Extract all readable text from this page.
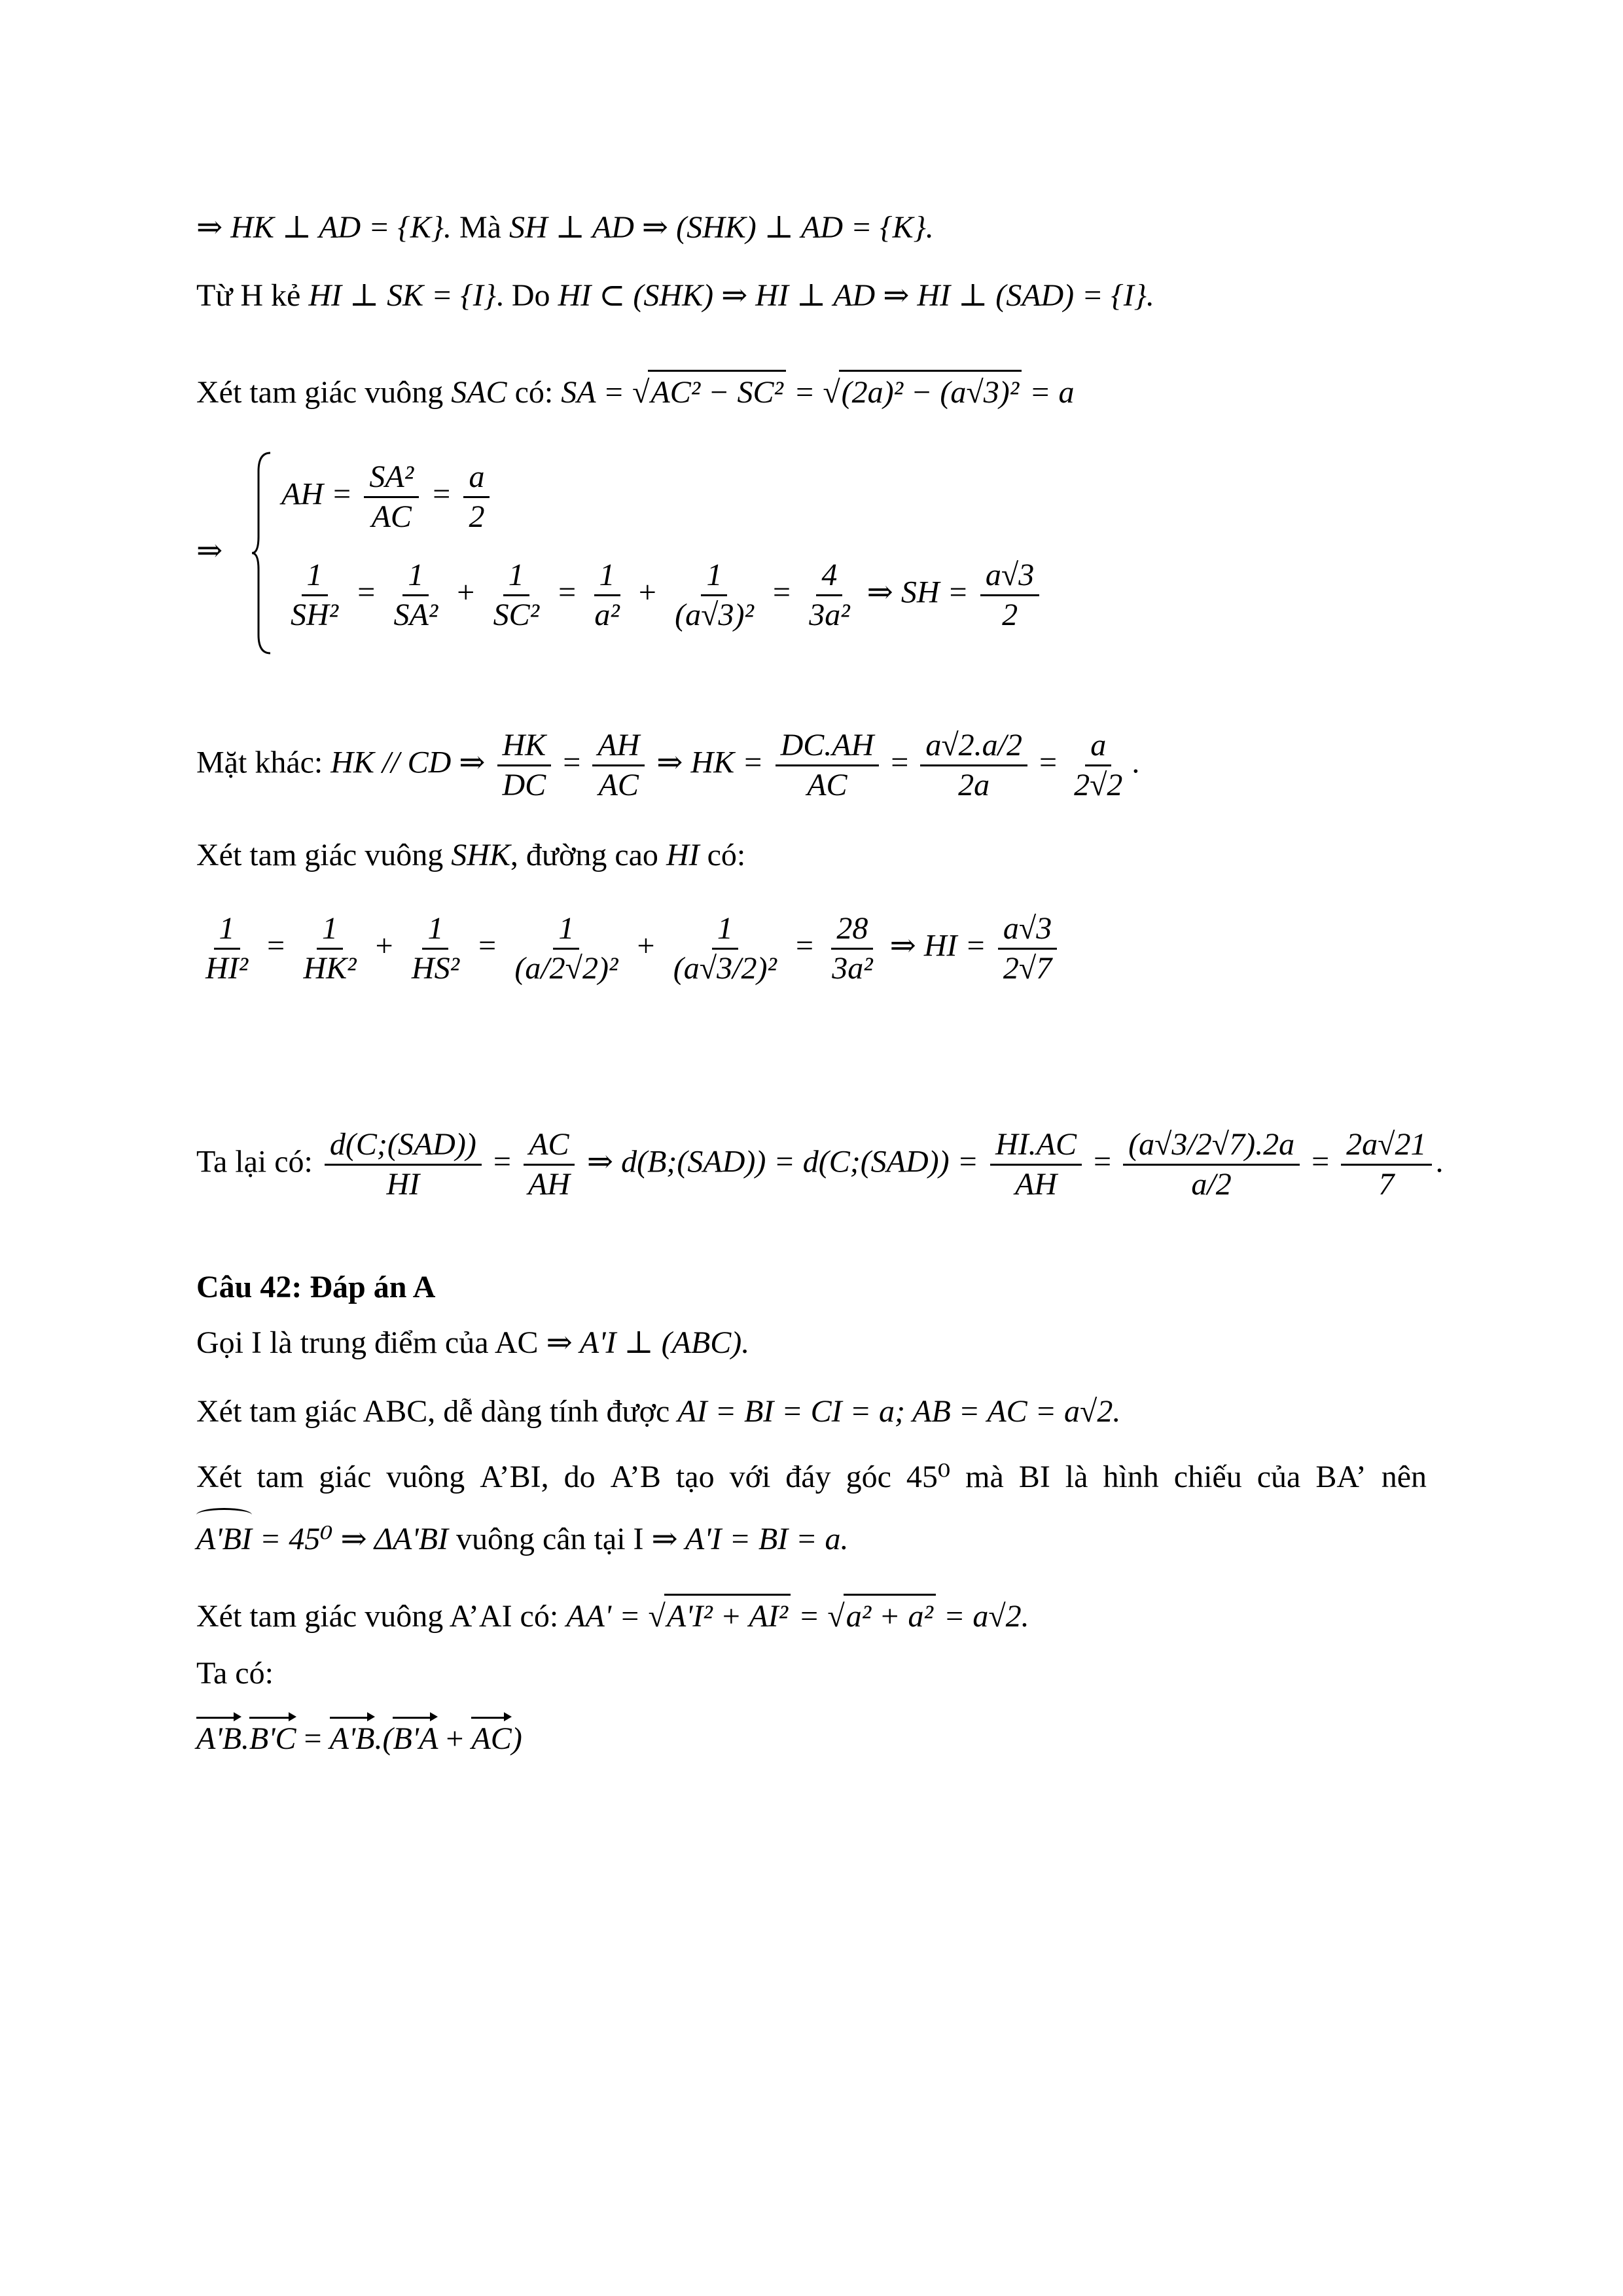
⇒ HK ⊥ AD = {K}. Mà SH ⊥ AD ⇒ (SHK) ⊥ AD = {K}.
Từ H kẻ HI ⊥ SK = {I}. Do HI ⊂ (SHK) ⇒ HI ⊥ AD ⇒ HI ⊥ (SAD) = {I}.
Xét tam giác vuông SAC có: SA = √AC² − SC² = √(2a)² − (a√3)² = a
⇒
AH = $\frac{\text{SA²}}{AC} = \frac{a}{2}$
$\frac{1}{\text{SH²}} = \frac{1}{\text{SA²}} + \frac{1}{\text{SC²}} = \frac{1}{\text{a²}} + \frac{1}{\text{(a√3)²}} = \frac{4}{\text{3a²}}$ ⇒ SH = $\frac{a√3}{2}$
Mặt khác: HK // CD ⇒ $\frac{HK}{DC} = \frac{AH}{AC}$ ⇒ HK = $\frac{DC.AH}{AC} = \frac{a√2.a/2}{2a} = \frac{a}{2√2}$ .
Xét tam giác vuông SHK, đường cao HI có:
$\frac{1}{\text{HI²}} = \frac{1}{\text{HK²}} + \frac{1}{\text{HS²}} = \frac{1}{\text{(a/2√2)²}} + \frac{1}{\text{(a√3/2)²}} = \frac{28}{\text{3a²}}$ ⇒ HI = $\frac{a√3}{2√7}$
Ta lại có: $\frac{\text{d(C;(SAD))}}{HI} = \frac{AC}{AH}$ ⇒ d(B;(SAD)) = d(C;(SAD)) = $\frac{HI.AC}{AH} = \frac{(a√3/2√7).2a}{a/2} = \frac{2a√21}{7}$ .
Câu 42: Đáp án A
Gọi I là trung điểm của AC ⇒ A'I ⊥ (ABC).
Xét tam giác ABC, dễ dàng tính được AI = BI = CI = a; AB = AC = a√2.
Xét tam giác vuông A’BI, do A’B tạo với đáy góc 45⁰ mà BI là hình chiếu của BA’ nên
A'BI = 45⁰ ⇒ ΔA'BI vuông cân tại I ⇒ A'I = BI = a.
Xét tam giác vuông A’AI có: AA' = √A'I² + AI² = √a² + a² = a√2.
Ta có:
A'B.B'C = A'B.(B'A + AC)
